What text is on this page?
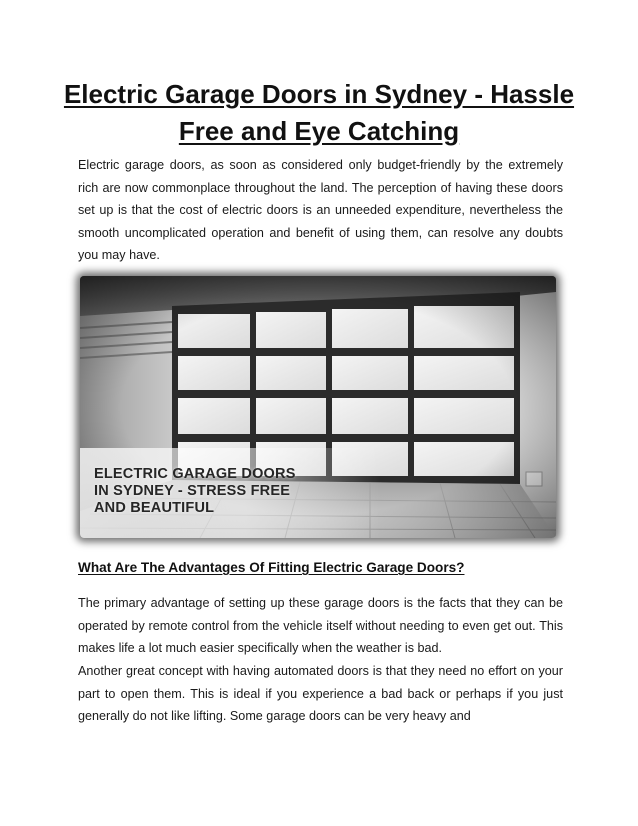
Electric Garage Doors in Sydney - Hassle Free and Eye Catching

Electric garage doors, as soon as considered only budget-friendly by the extremely rich are now commonplace throughout the land. The perception of having these doors set up is that the cost of electric doors is an unneeded expenditure, nevertheless the smooth uncomplicated operation and benefit of using them, can resolve any doubts you may have.

ELECTRIC GARAGE DOORS
IN SYDNEY - STRESS FREE
AND BEAUTIFUL
What Are The Advantages Of Fitting Electric Garage Doors?

The primary advantage of setting up these garage doors is the facts that they can be operated by remote control from the vehicle itself without needing to even get out. This makes life a lot much easier specifically when the weather is bad.

Another great concept with having automated doors is that they need no effort on your part to open them. This is ideal if you experience a bad back or perhaps if you just generally do not like lifting. Some garage doors can be very heavy and
